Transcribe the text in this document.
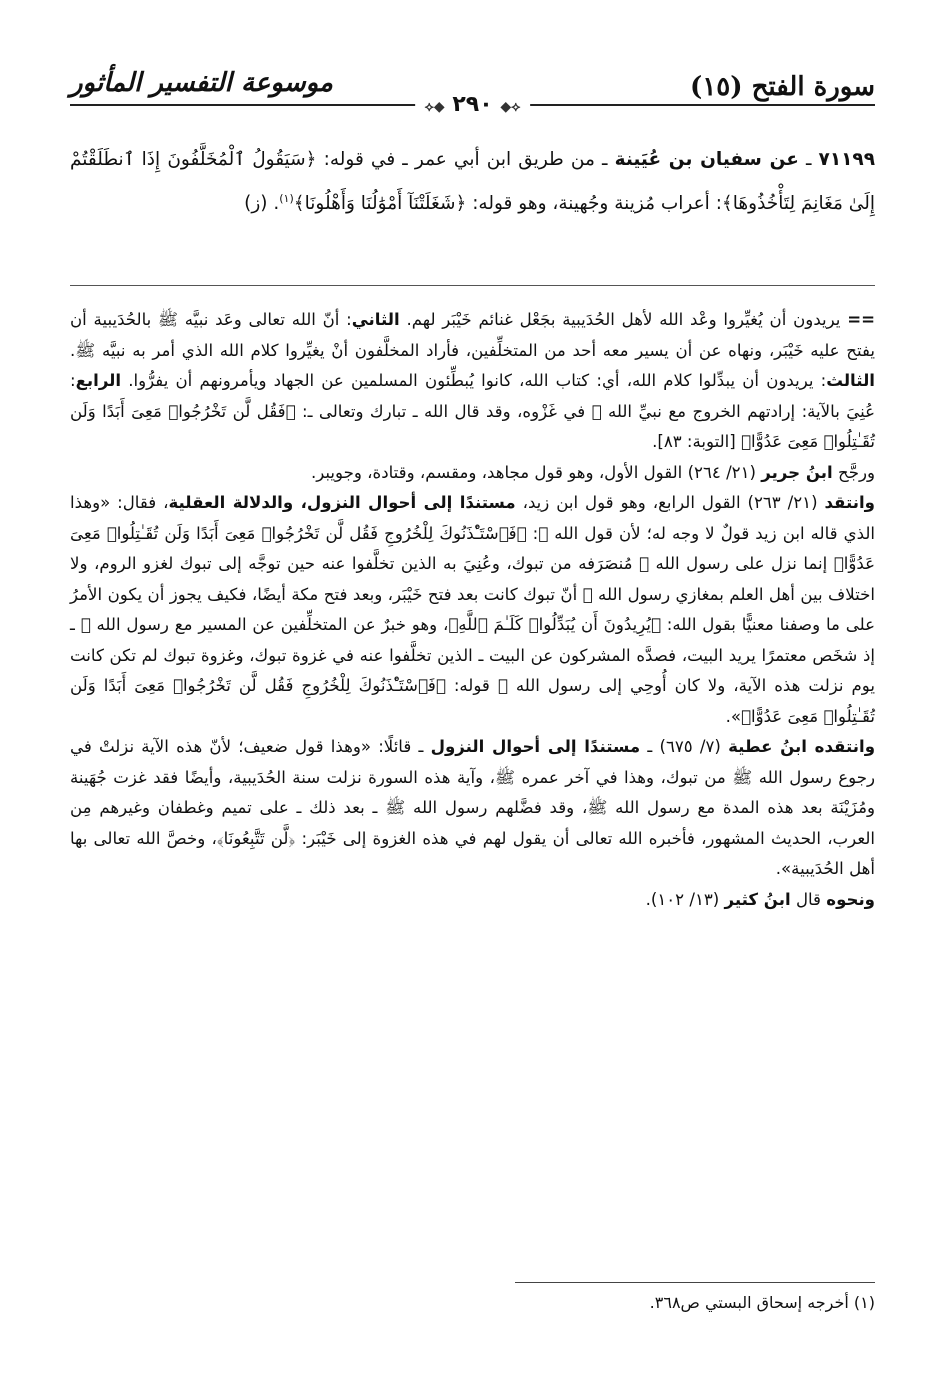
سورة الفتح (١٥)
موسوعة التفسير المأثور
⟡◆ ٢٩٠ ◆⟡
٧١١٩٩ ـ عن سفيان بن عُيَينة ـ من طريق ابن أبي عمر ـ في قوله: ﴿سَيَقُولُ ٱلْمُخَلَّفُونَ إِذَا ٱنطَلَقْتُمْ إِلَىٰ مَغَانِمَ لِتَأْخُذُوهَا﴾: أعراب مُزينة وجُهينة، وهو قوله: ﴿شَغَلَتْنَآ أَمْوَٰلُنَا وَأَهْلُونَا﴾$^{(١)}$. (ز)

== يريدون أن يُغيِّروا وعْد الله لأهل الحُدَيبية بجَعْل غنائم خَيْبَر لهم. الثاني: أنّ الله تعالى وعَد نبيَّه ﷺ بالحُدَيبية أن يفتح عليه خَيْبَر، ونهاه عن أن يسير معه أحد من المتخلِّفين، فأراد المخلَّفون أنْ يغيِّروا كلام الله الذي أمر به نبيَّه ﷺ. الثالث: يريدون أن يبدِّلوا كلام الله، أي: كتاب الله، كانوا يُبطِّئون المسلمين عن الجهاد ويأمرونهم أن يفرُّوا. الرابع: عُنِيَ بالآية: إرادتهم الخروج مع نبيِّ الله ﷺ في غَزْوه، وقد قال الله ـ تبارك وتعالى ـ: ﴿فَقُل لَّن تَخْرُجُوا۟ مَعِىَ أَبَدًا وَلَن تُقَـٰتِلُوا۟ مَعِىَ عَدُوًّا﴾ [التوبة: ٨٣].

ورجَّح ابنُ جرير (٢١/ ٢٦٤) القول الأول، وهو قول مجاهد، ومقسم، وقتادة، وجويبر.

وانتقد (٢١/ ٢٦٣) القول الرابع، وهو قول ابن زيد، مستندًا إلى أحوال النزول، والدلالة العقلية، فقال: «وهذا الذي قاله ابن زيد قولٌ لا وجه له؛ لأن قول الله ﷻ: ﴿فَٱسْتَـْٔذَنُوكَ لِلْخُرُوجِ فَقُل لَّن تَخْرُجُوا۟ مَعِىَ أَبَدًا وَلَن تُقَـٰتِلُوا۟ مَعِىَ عَدُوًّا﴾ إنما نزل على رسول الله ﷺ مُنصَرَفه من تبوك، وعُنِيَ به الذين تخلَّفوا عنه حين توجَّه إلى تبوك لغزو الروم، ولا اختلاف بين أهل العلم بمغازي رسول الله ﷺ أنّ تبوك كانت بعد فتح خَيْبَر، وبعد فتح مكة أيضًا، فكيف يجوز أن يكون الأمرُ على ما وصفنا معنيًّا بقول الله: ﴿يُرِيدُونَ أَن يُبَدِّلُوا۟ كَلَـٰمَ ٱللَّهِ﴾، وهو خبرٌ عن المتخلِّفين عن المسير مع رسول الله ﷺ ـ إذ شخَص معتمرًا يريد البيت، فصدَّه المشركون عن البيت ـ الذين تخلَّفوا عنه في غزوة تبوك، وغزوة تبوك لم تكن كانت يوم نزلت هذه الآية، ولا كان أُوحِي إلى رسول الله ﷺ قوله: ﴿فَٱسْتَـْٔذَنُوكَ لِلْخُرُوجِ فَقُل لَّن تَخْرُجُوا۟ مَعِىَ أَبَدًا وَلَن تُقَـٰتِلُوا۟ مَعِىَ عَدُوًّا﴾».

وانتقده ابنُ عطية (٧/ ٦٧٥) ـ مستندًا إلى أحوال النزول ـ قائلًا: «وهذا قول ضعيف؛ لأنّ هذه الآية نزلتْ في رجوع رسول الله ﷺ من تبوك، وهذا في آخر عمره ﷺ، وآية هذه السورة نزلت سنة الحُدَيبية، وأيضًا فقد غزت جُهَينة ومُزَيْنَة بعد هذه المدة مع رسول الله ﷺ، وقد فضَّلهم رسول الله ﷺ ـ بعد ذلك ـ على تميم وغطفان وغيرهم مِن العرب، الحديث المشهور، فأخبره الله تعالى أن يقول لهم في هذه الغزوة إلى خَيْبَر: ﴿لَّن تَتَّبِعُونَا﴾، وخصَّ الله تعالى بها أهل الحُدَيبية».

ونحوه قال ابنُ كثير (١٣/ ١٠٢).

(١) أخرجه إسحاق البستي ص٣٦٨.
